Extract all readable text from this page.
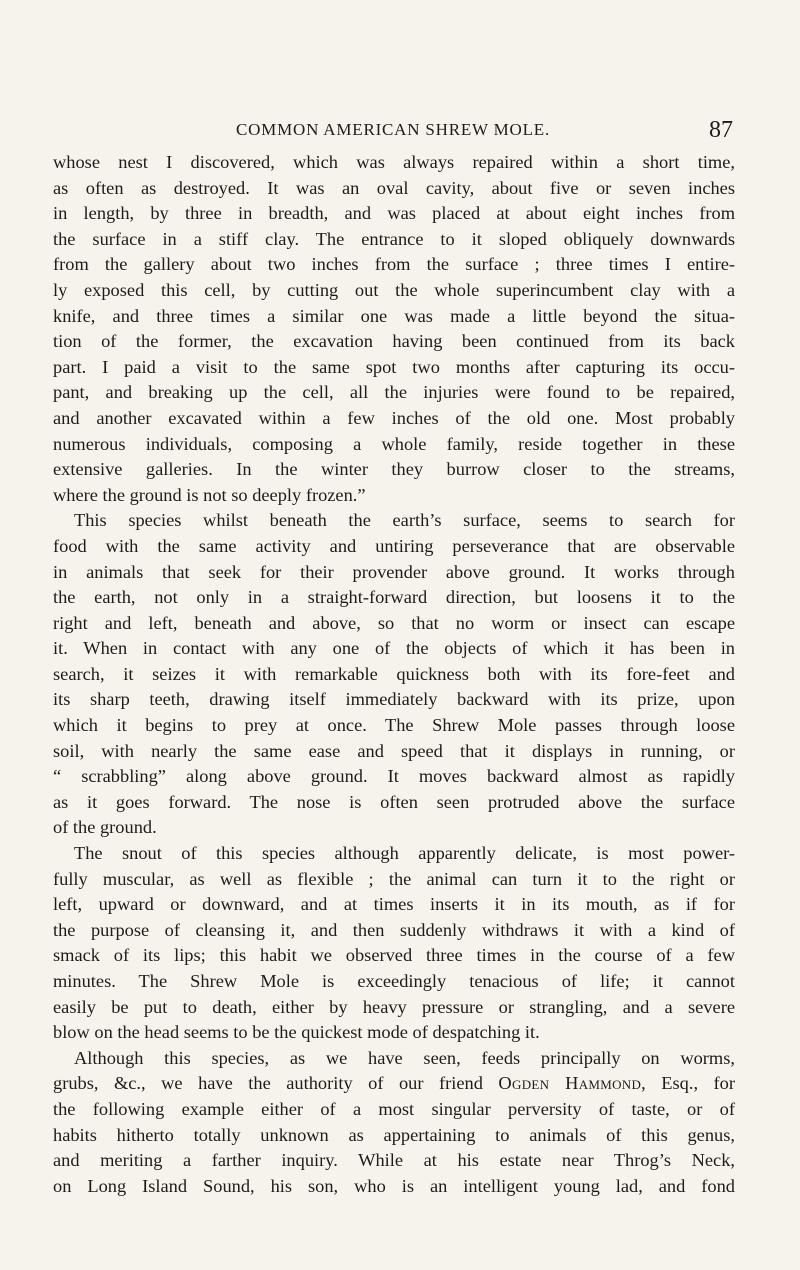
COMMON AMERICAN SHREW MOLE.	87
whose nest I discovered, which was always repaired within a short time,
as often as destroyed. It was an oval cavity, about five or seven inches
in length, by three in breadth, and was placed at about eight inches from
the surface in a stiff clay. The entrance to it sloped obliquely downwards
from the gallery about two inches from the surface ; three times I entire-
ly exposed this cell, by cutting out the whole superincumbent clay with a
knife, and three times a similar one was made a little beyond the situa-
tion of the former, the excavation having been continued from its back
part. I paid a visit to the same spot two months after capturing its occu-
pant, and breaking up the cell, all the injuries were found to be repaired,
and another excavated within a few inches of the old one. Most probably
numerous individuals, composing a whole family, reside together in these
extensive galleries. In the winter they burrow closer to the streams,
where the ground is not so deeply frozen.”
This species whilst beneath the earth’s surface, seems to search for
food with the same activity and untiring perseverance that are observable
in animals that seek for their provender above ground. It works through
the earth, not only in a straight-forward direction, but loosens it to the
right and left, beneath and above, so that no worm or insect can escape
it. When in contact with any one of the objects of which it has been in
search, it seizes it with remarkable quickness both with its fore-feet and
its sharp teeth, drawing itself immediately backward with its prize, upon
which it begins to prey at once. The Shrew Mole passes through loose
soil, with nearly the same ease and speed that it displays in running, or
“ scrabbling” along above ground. It moves backward almost as rapidly
as it goes forward. The nose is often seen protruded above the surface
of the ground.
The snout of this species although apparently delicate, is most power-
fully muscular, as well as flexible ; the animal can turn it to the right or
left, upward or downward, and at times inserts it in its mouth, as if for
the purpose of cleansing it, and then suddenly withdraws it with a kind of
smack of its lips; this habit we observed three times in the course of a few
minutes. The Shrew Mole is exceedingly tenacious of life; it cannot
easily be put to death, either by heavy pressure or strangling, and a severe
blow on the head seems to be the quickest mode of despatching it.
Although this species, as we have seen, feeds principally on worms,
grubs, &c., we have the authority of our friend Ogden Hammond, Esq., for
the following example either of a most singular perversity of taste, or of
habits hitherto totally unknown as appertaining to animals of this genus,
and meriting a farther inquiry. While at his estate near Throg’s Neck,
on Long Island Sound, his son, who is an intelligent young lad, and fond
